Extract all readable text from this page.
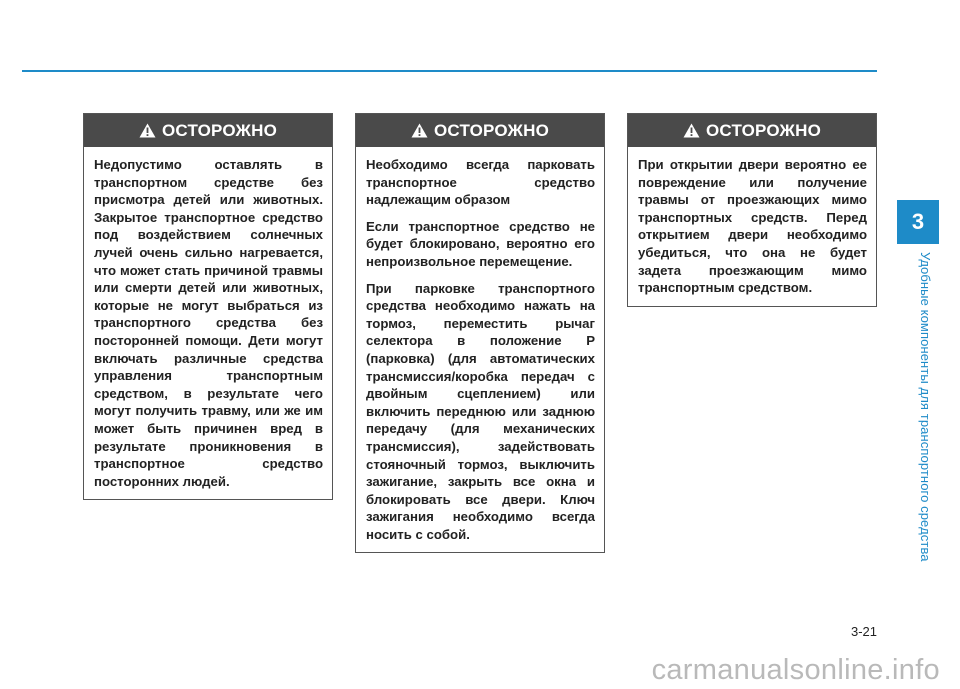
ОСТОРОЖНО

Недопустимо оставлять в транспортном средстве без присмотра детей или животных. Закрытое транспортное средство под воздействием солнечных лучей очень сильно нагревается, что может стать причиной травмы или смерти детей или животных, которые не могут выбраться из транспортного средства без посторонней помощи. Дети могут включать различные средства управления транспортным средством, в результате чего могут получить травму, или же им может быть причинен вред в результате проникновения в транспортное средство посторонних людей.

ОСТОРОЖНО

Необходимо всегда парковать транспортное средство надлежащим образом

Если транспортное средство не будет блокировано, вероятно его непроизвольное перемещение.

При парковке транспортного средства необходимо нажать на тормоз, переместить рычаг селектора в положение P (парковка) (для автоматических трансмиссия/коробка передач с двойным сцеплением) или включить переднюю или заднюю передачу (для механических трансмиссия), задействовать стояночный тормоз, выключить зажигание, закрыть все окна и блокировать все двери. Ключ зажигания необходимо всегда носить с собой.

ОСТОРОЖНО

При открытии двери вероятно ее повреждение или получение травмы от проезжающих мимо транспортных средств. Перед открытием двери необходимо убедиться, что она не будет задета проезжающим мимо транспортным средством.

3
Удобные компоненты для транспортного средства
3-21
carmanualsonline.info
